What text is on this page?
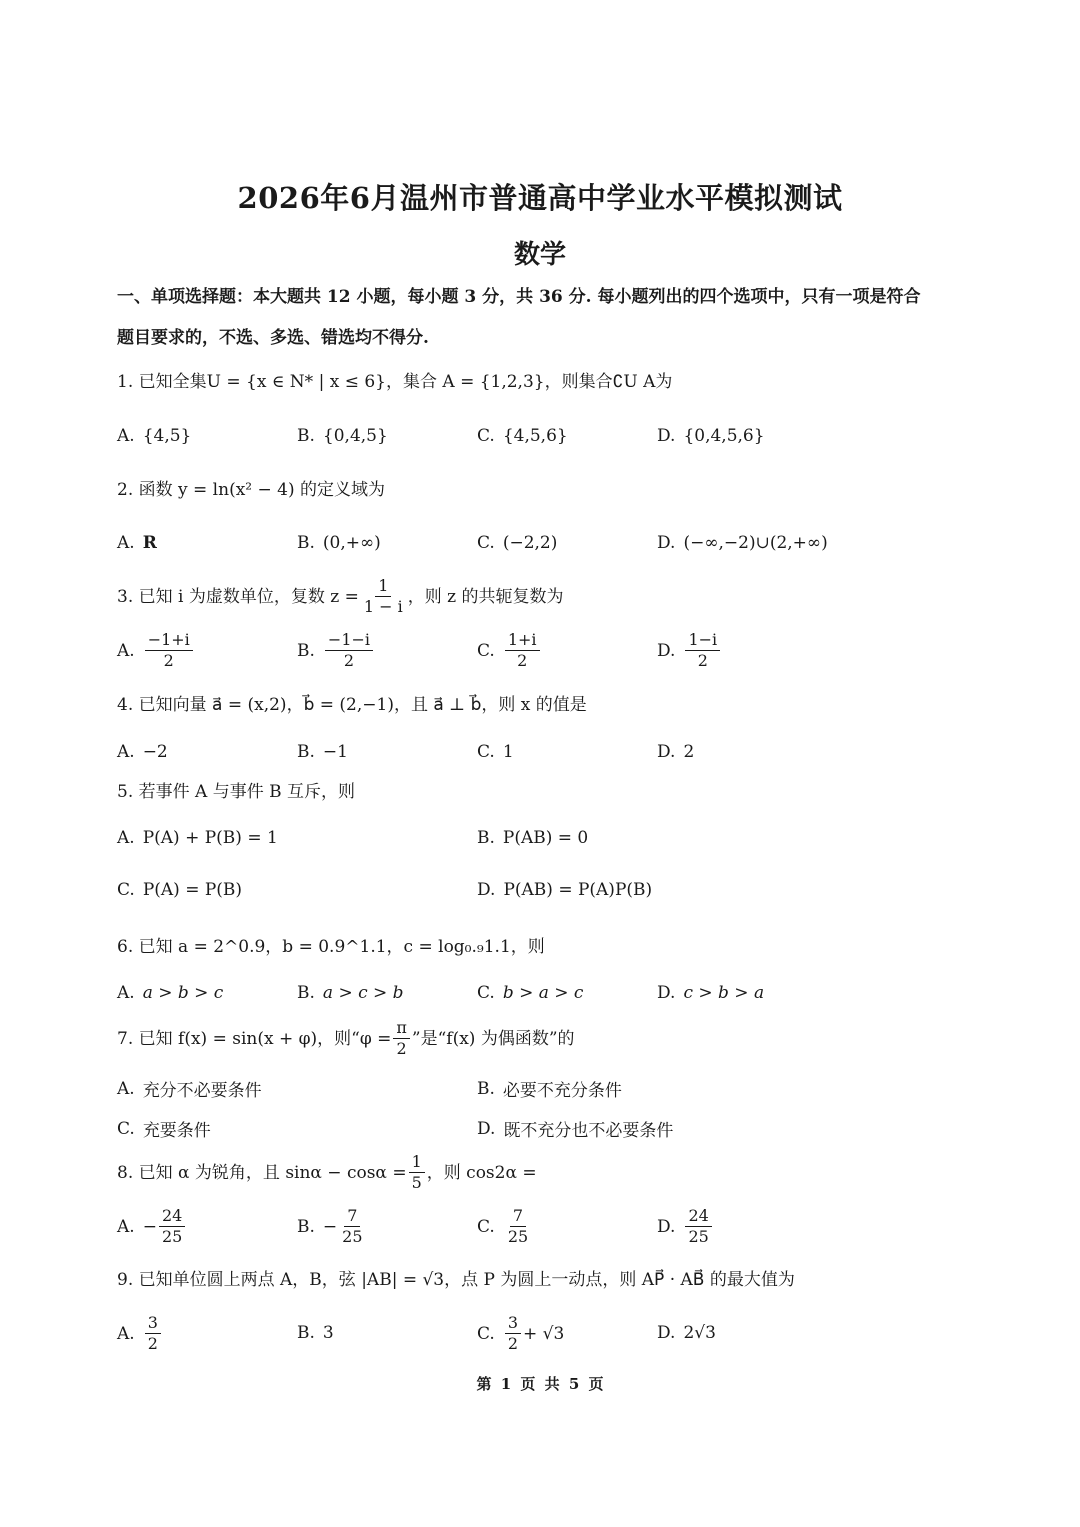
2026年6月温州市普通高中学业水平模拟测试
数学
一、单项选择题：本大题共 12 小题，每小题 3 分，共 36 分. 每小题列出的四个选项中，只有一项是符合
题目要求的，不选、多选、错选均不得分.
1. 已知全集U = {x ∈ N* | x ≤ 6}，集合 A = {1,2,3}，则集合∁U A为
A. {4,5}	B. {0,4,5}	C. {4,5,6}	D. {0,4,5,6}
2. 函数 y = ln(x² − 4) 的定义域为
A. R	B. (0,+∞)	C. (−2,2)	D. (−∞,−2)∪(2,+∞)
3. 已知 i 为虚数单位，复数 $z = \frac{1}{1 - i}$ ，则 z 的共轭复数为
A. $\frac{-1+i}{2}$	B. $\frac{-1-i}{2}$	C. $\frac{1+i}{2}$	D. $\frac{1-i}{2}$
4. 已知向量 a⃗ = (x,2)，b⃗ = (2,−1)，且 a⃗ ⊥ b⃗，则 x 的值是
A. −2	B. −1	C. 1	D. 2
5. 若事件 A 与事件 B 互斥，则
A. P(A) + P(B) = 1	B. P(AB) = 0
C. P(A) = P(B)	D. P(AB) = P(A)P(B)
6. 已知 a = 2^0.9，b = 0.9^1.1，c = log₀.₉1.1，则
A. a > b > c	B. a > c > b	C. b > a > c	D. c > b > a
7. 已知 f(x) = sin(x + φ)，则“$\varphi = \frac{\pi}{2}$ ”是“f(x) 为偶函数”的
A. 充分不必要条件	B. 必要不充分条件
C. 充要条件	D. 既不充分也不必要条件
8. 已知 α 为锐角，且 $\sin\alpha - \cos\alpha = \frac{1}{5}$ ，则 cos2α =
A. − $\frac{24}{25}$	B. − $\frac{7}{25}$	C. $\frac{7}{25}$	D. $\frac{24}{25}$
9. 已知单位圆上两点 A，B，弦 |AB| = √3，点 P 为圆上一动点，则 AP⃗ · AB⃗ 的最大值为
A. $\frac{3}{2}$	B. 3	C. $\frac{3}{2} + √3$	D. 2√3
第 1 页 共 5 页
